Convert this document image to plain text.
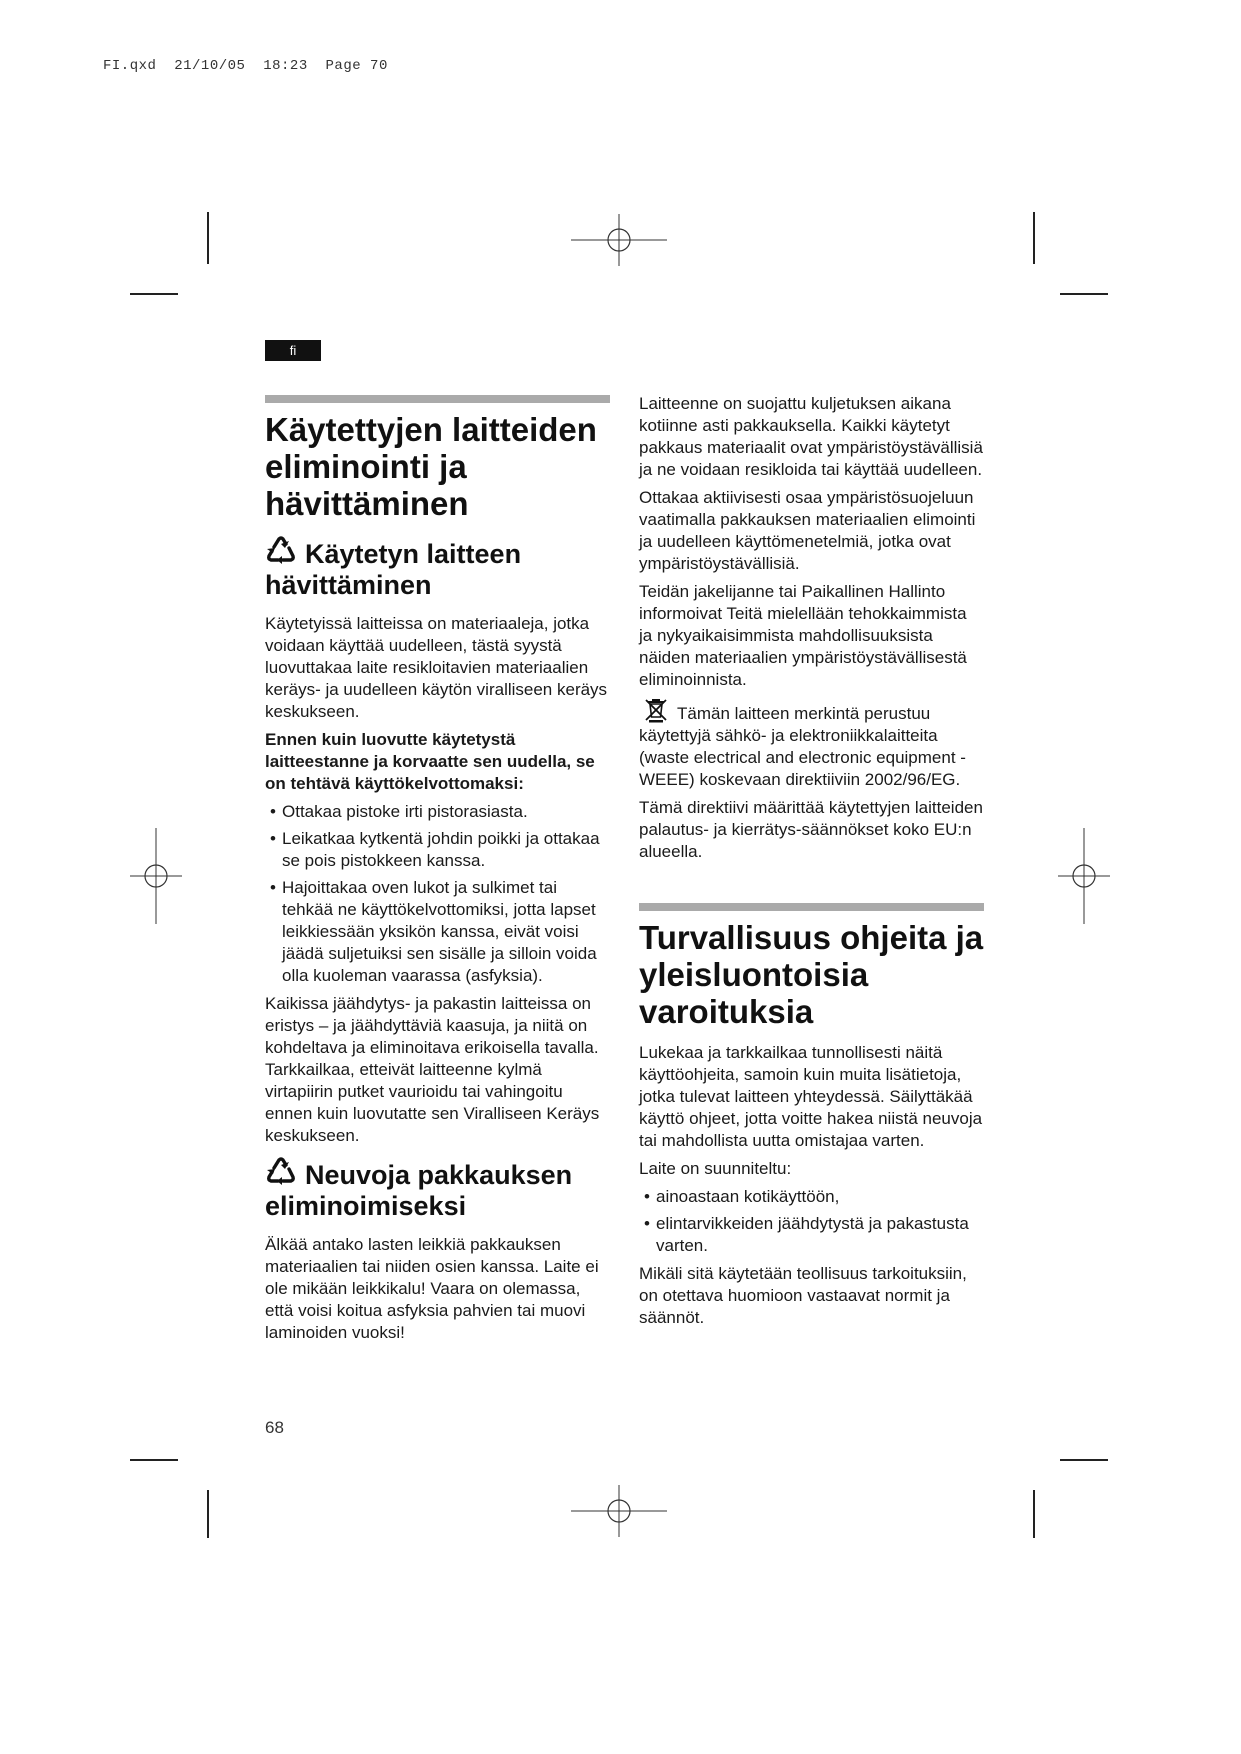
FI.qxd  21/10/05  18:23  Page 70
fi
Käytettyjen laitteiden eliminointi ja hävittäminen
Käytetyn laitteen hävittäminen

Käytetyissä laitteissa on materiaaleja, jotka voidaan käyttää uudelleen, tästä syystä luovuttakaa laite resikloitavien materiaalien keräys- ja uudelleen käytön viralliseen keräys keskukseen.

Ennen kuin luovutte käytetystä laitteestanne ja korvaatte sen uudella, se on tehtävä käyttökelvottomaksi:

• Ottakaa pistoke irti pistorasiasta.
• Leikatkaa kytkentä johdin poikki ja ottakaa se pois pistokkeen kanssa.
• Hajoittakaa oven lukot ja sulkimet tai tehkää ne käyttökelvottomiksi, jotta lapset leikkiessään yksikön kanssa, eivät voisi jäädä suljetuiksi sen sisälle ja silloin voida olla kuoleman vaarassa (asfyksia).

Kaikissa jäähdytys- ja pakastin laitteissa on eristys – ja jäähdyttäviä kaasuja, ja niitä on kohdeltava ja eliminoitava erikoisella tavalla. Tarkkailkaa, etteivät laitteenne kylmä virtapiirin putket vaurioidu tai vahingoitu ennen kuin luovutatte sen Viralliseen Keräys keskukseen.

Neuvoja pakkauksen eliminoimiseksi

Älkää antako lasten leikkiä pakkauksen materiaalien tai niiden osien kanssa. Laite ei ole mikään leikkikalu! Vaara on olemassa, että voisi koitua asfyksia pahvien tai muovi laminoiden vuoksi!

Laitteenne on suojattu kuljetuksen aikana kotiinne asti pakkauksella. Kaikki käytetyt pakkaus materiaalit ovat ympäristöystävällisiä ja ne voidaan resikloida tai käyttää uudelleen.

Ottakaa aktiivisesti osaa ympäristösuojeluun vaatimalla pakkauksen materiaalien elimointi ja uudelleen käyttömenetelmiä, jotka ovat ympäristöystävällisiä.

Teidän jakelijanne tai Paikallinen Hallinto informoivat Teitä mielellään tehokkaimmista ja nykyaikaisimmista mahdollisuuksista näiden materiaalien ympäristöystävällisestä eliminoinnista.

Tämän laitteen merkintä perustuu käytettyjä sähkö- ja elektroniikkalaitteita (waste electrical and electronic equipment - WEEE) koskevaan direktiiviin 2002/96/EG.

Tämä direktiivi määrittää käytettyjen laitteiden palautus- ja kierrätys-säännökset koko EU:n alueella.

Turvallisuus ohjeita ja yleisluontoisia varoituksia

Lukekaa ja tarkkailkaa tunnollisesti näitä käyttöohjeita, samoin kuin muita lisätietoja, jotka tulevat laitteen yhteydessä. Säilyttäkää käyttö ohjeet, jotta voitte hakea niistä neuvoja tai mahdollista uutta omistajaa varten.

Laite on suunniteltu:

• ainoastaan kotikäyttöön,
• elintarvikkeiden jäähdytystä ja pakastusta varten.

Mikäli sitä käytetään teollisuus tarkoituksiin, on otettava huomioon vastaavat normit ja säännöt.

68
